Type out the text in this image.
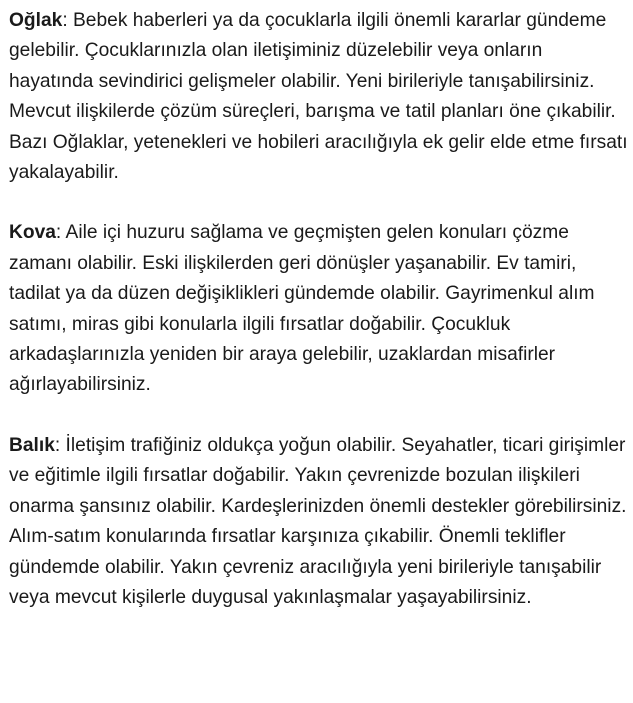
Oğlak: Bebek haberleri ya da çocuklarla ilgili önemli kararlar gündeme gelebilir. Çocuklarınızla olan iletişiminiz düzelebilir veya onların hayatında sevindirici gelişmeler olabilir. Yeni birileriyle tanışabilirsiniz. Mevcut ilişkilerde çözüm süreçleri, barışma ve tatil planları öne çıkabilir. Bazı Oğlaklar, yetenekleri ve hobileri aracılığıyla ek gelir elde etme fırsatı yakalayabilir.

Kova: Aile içi huzuru sağlama ve geçmişten gelen konuları çözme zamanı olabilir. Eski ilişkilerden geri dönüşler yaşanabilir. Ev tamiri, tadilat ya da düzen değişiklikleri gündemde olabilir. Gayrimenkul alım satımı, miras gibi konularla ilgili fırsatlar doğabilir. Çocukluk arkadaşlarınızla yeniden bir araya gelebilir, uzaklardan misafirler ağırlayabilirsiniz.

Balık: İletişim trafiğiniz oldukça yoğun olabilir. Seyahatler, ticari girişimler ve eğitimle ilgili fırsatlar doğabilir. Yakın çevrenizde bozulan ilişkileri onarma şansınız olabilir. Kardeşlerinizden önemli destekler görebilirsiniz. Alım-satım konularında fırsatlar karşınıza çıkabilir. Önemli teklifler gündemde olabilir. Yakın çevreniz aracılığıyla yeni birileriyle tanışabilir veya mevcut kişilerle duygusal yakınlaşmalar yaşayabilirsiniz.
